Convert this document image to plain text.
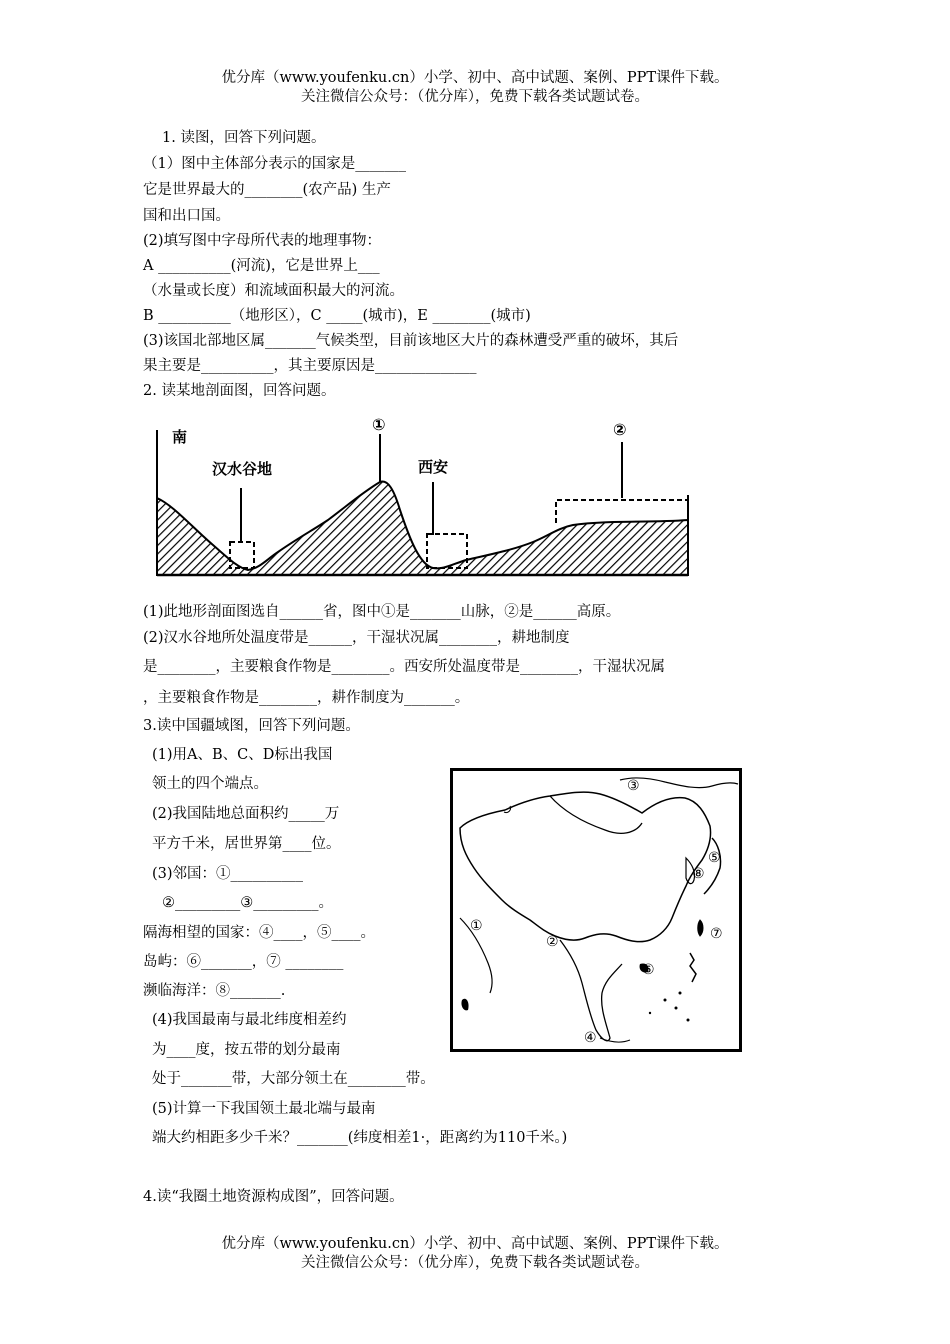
优分库（www.youfenku.cn）小学、初中、高中试题、案例、PPT课件下载。
关注微信公众号：（优分库），免费下载各类试题试卷。
1. 读图，回答下列问题。
（1）图中主体部分表示的国家是_______
它是世界最大的________(农产品) 生产
国和出口国。
(2)填写图中字母所代表的地理事物：
A __________(河流)，它是世界上___
（水量或长度）和流域面积最大的河流。
B __________（地形区），C _____(城市)，E ________(城市)
(3)该国北部地区属_______气候类型，目前该地区大片的森林遭受严重的破坏，其后
果主要是__________，其主要原因是______________
2. 读某地剖面图，回答问题。
南
汉水谷地	西安
①	②
(1)此地形剖面图选自______省，图中①是_______山脉，②是______高原。
(2)汉水谷地所处温度带是______，干湿状况属________，耕地制度
是________，主要粮食作物是________。西安所处温度带是________，干湿状况属
，主要粮食作物是________，耕作制度为_______。
3.读中国疆域图，回答下列问题。
(1)用A、B、C、D标出我国
领土的四个端点。
(2)我国陆地总面积约_____万
平方千米，居世界第____位。
(3)邻国：①__________
②_________③_________。
隔海相望的国家：④____，⑤____。
岛屿：⑥_______，⑦ ________
濒临海洋：⑧_______.
(4)我国最南与最北纬度相差约
为____度，按五带的划分最南
处于_______带，大部分领土在________带。
(5)计算一下我国领土最北端与最南
端大约相距多少千米？_______(纬度相差1·，距离约为110千米。)
③
⑤
⑧
⑦
①
②
⑥
④
4.读“我圈土地资源构成图”，回答问题。
优分库（www.youfenku.cn）小学、初中、高中试题、案例、PPT课件下载。
关注微信公众号：（优分库），免费下载各类试题试卷。
